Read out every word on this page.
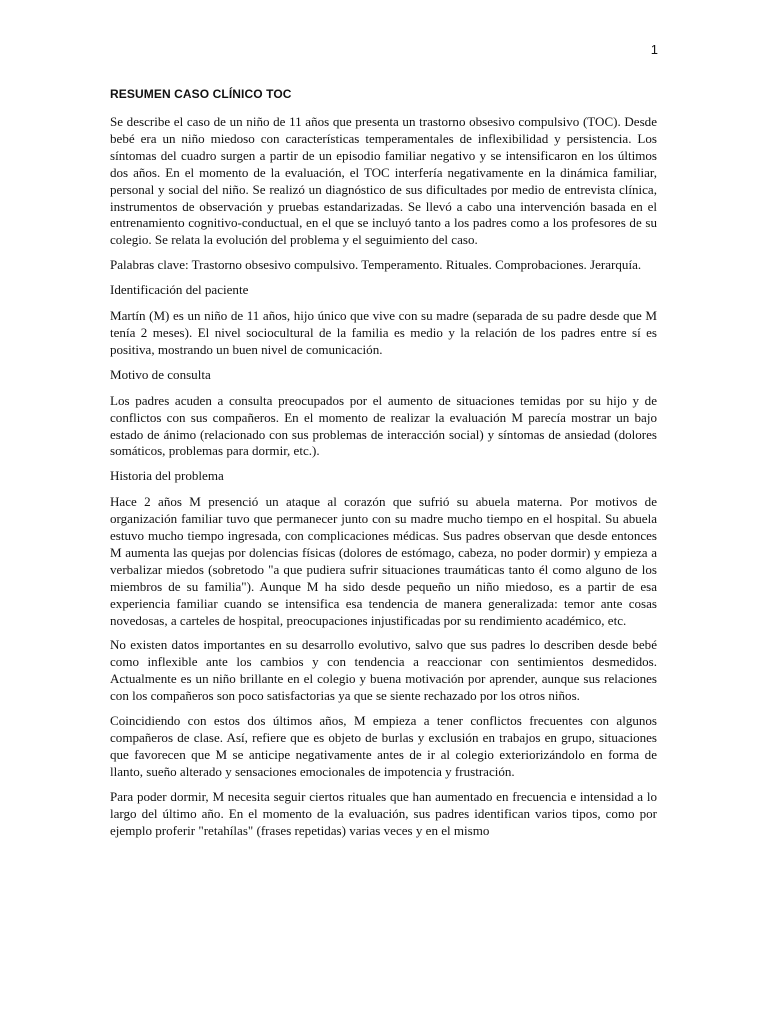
1
RESUMEN CASO CLÍNICO TOC

Se describe el caso de un niño de 11 años que presenta un trastorno obsesivo compulsivo (TOC). Desde bebé era un niño miedoso con características temperamentales de inflexibilidad y persistencia. Los síntomas del cuadro surgen a partir de un episodio familiar negativo y se intensificaron en los últimos dos años. En el momento de la evaluación, el TOC interfería negativamente en la dinámica familiar, personal y social del niño. Se realizó un diagnóstico de sus dificultades por medio de entrevista clínica, instrumentos de observación y pruebas estandarizadas. Se llevó a cabo una intervención basada en el entrenamiento cognitivo-conductual, en el que se incluyó tanto a los padres como a los profesores de su colegio. Se relata la evolución del problema y el seguimiento del caso.

Palabras clave: Trastorno obsesivo compulsivo. Temperamento. Rituales. Comprobaciones. Jerarquía.

Identificación del paciente

Martín (M) es un niño de 11 años, hijo único que vive con su madre (separada de su padre desde que M tenía 2 meses). El nivel sociocultural de la familia es medio y la relación de los padres entre sí es positiva, mostrando un buen nivel de comunicación.

Motivo de consulta

Los padres acuden a consulta preocupados por el aumento de situaciones temidas por su hijo y de conflictos con sus compañeros. En el momento de realizar la evaluación M parecía mostrar un bajo estado de ánimo (relacionado con sus problemas de interacción social) y síntomas de ansiedad (dolores somáticos, problemas para dormir, etc.).

Historia del problema

Hace 2 años M presenció un ataque al corazón que sufrió su abuela materna. Por motivos de organización familiar tuvo que permanecer junto con su madre mucho tiempo en el hospital. Su abuela estuvo mucho tiempo ingresada, con complicaciones médicas. Sus padres observan que desde entonces M aumenta las quejas por dolencias físicas (dolores de estómago, cabeza, no poder dormir) y empieza a verbalizar miedos (sobretodo "a que pudiera sufrir situaciones traumáticas tanto él como alguno de los miembros de su familia"). Aunque M ha sido desde pequeño un niño miedoso, es a partir de esa experiencia familiar cuando se intensifica esa tendencia de manera generalizada: temor ante cosas novedosas, a carteles de hospital, preocupaciones injustificadas por su rendimiento académico, etc.

No existen datos importantes en su desarrollo evolutivo, salvo que sus padres lo describen desde bebé como inflexible ante los cambios y con tendencia a reaccionar con sentimientos desmedidos. Actualmente es un niño brillante en el colegio y buena motivación por aprender, aunque sus relaciones con los compañeros son poco satisfactorias ya que se siente rechazado por los otros niños.

Coincidiendo con estos dos últimos años, M empieza a tener conflictos frecuentes con algunos compañeros de clase. Así, refiere que es objeto de burlas y exclusión en trabajos en grupo, situaciones que favorecen que M se anticipe negativamente antes de ir al colegio exteriorizándolo en forma de llanto, sueño alterado y sensaciones emocionales de impotencia y frustración.

Para poder dormir, M necesita seguir ciertos rituales que han aumentado en frecuencia e intensidad a lo largo del último año. En el momento de la evaluación, sus padres identifican varios tipos, como por ejemplo proferir "retahílas" (frases repetidas) varias veces y en el mismo
